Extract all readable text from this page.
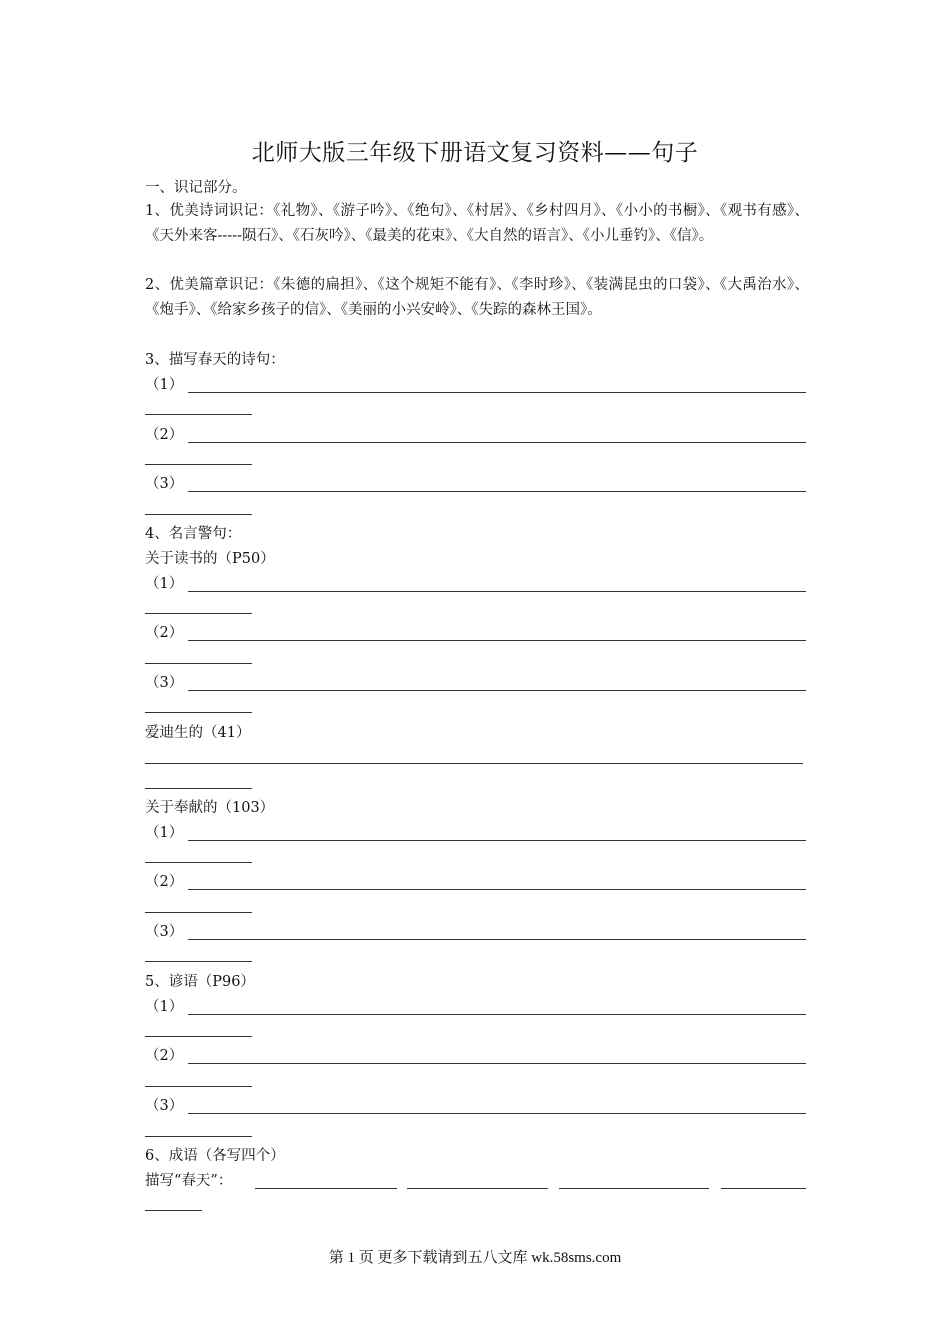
北师大版三年级下册语文复习资料——句子
一、识记部分。
1、优美诗词识记：《礼物》、《游子吟》、《绝句》、《村居》、《乡村四月》、《小小的书橱》、《观书有感》、《天外来客-----陨石》、《石灰吟》、《最美的花束》、《大自然的语言》、《小儿垂钓》、《信》。
2、优美篇章识记：《朱德的扁担》、《这个规矩不能有》、《李时珍》、《装满昆虫的口袋》、《大禹治水》、《炮手》、《给家乡孩子的信》、《美丽的小兴安岭》、《失踪的森林王国》。
3、描写春天的诗句：
（1）
（2）
（3）
4、名言警句：
关于读书的（P50）
（1）
（2）
（3）
爱迪生的（41）
关于奉献的（103）
（1）
（2）
（3）
5、谚语（P96）
（1）
（2）
（3）
6、成语（各写四个）
描写“春天”：
第 1 页 更多下载请到五八文库 wk.58sms.com
